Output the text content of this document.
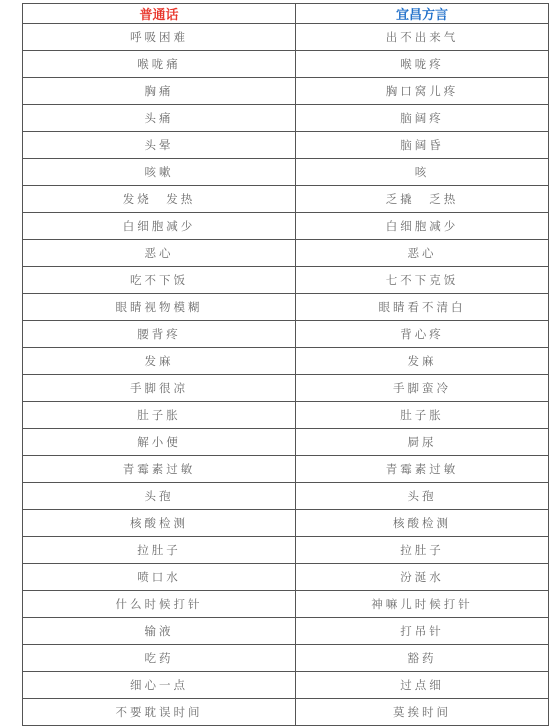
普通话	宜昌方言
呼吸困难	出不出来气
喉咙痛	喉咙疼
胸痛	胸口窝儿疼
头痛	脑阔疼
头晕	脑阔昏
咳嗽	咳
发烧　发热	乏撬　乏热
白细胞减少	白细胞减少
恶心	恶心
吃不下饭	七不下克饭
眼睛视物模糊	眼睛看不清白
腰背疼	背心疼
发麻	发麻
手脚很凉	手脚蛮冷
肚子胀	肚子胀
解小便	屙尿
青霉素过敏	青霉素过敏
头孢	头孢
核酸检测	核酸检测
拉肚子	拉肚子
喷口水	汾涎水
什么时候打针	神嘛儿时候打针
输液	打吊针
吃药	豁药
细心一点	过点细
不要耽误时间	莫挨时间
